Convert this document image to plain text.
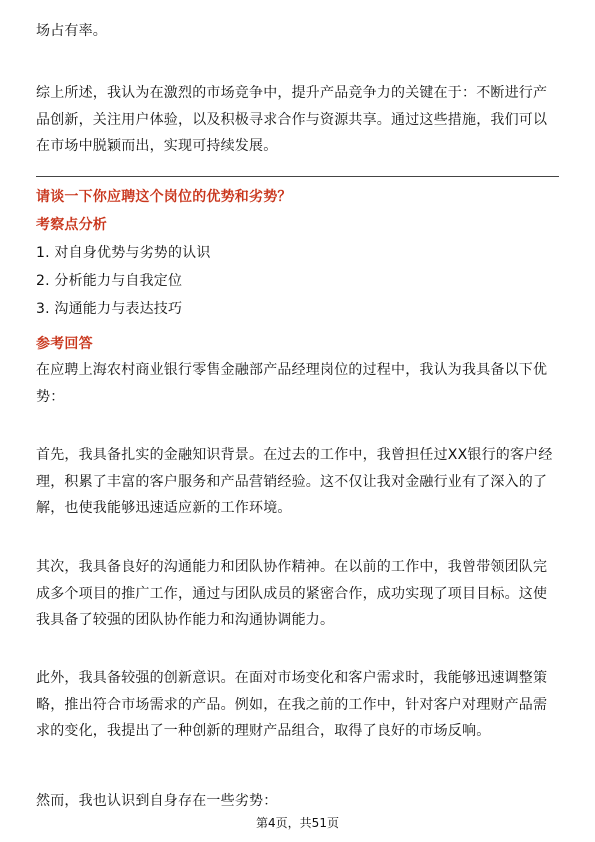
场占有率。

综上所述，我认为在激烈的市场竞争中，提升产品竞争力的关键在于：不断进行产品创新，关注用户体验，以及积极寻求合作与资源共享。通过这些措施，我们可以在市场中脱颖而出，实现可持续发展。

请谈一下你应聘这个岗位的优势和劣势？

考察点分析

1. 对自身优势与劣势的认识

2. 分析能力与自我定位

3. 沟通能力与表达技巧

参考回答

在应聘上海农村商业银行零售金融部产品经理岗位的过程中，我认为我具备以下优势：

首先，我具备扎实的金融知识背景。在过去的工作中，我曾担任过XX银行的客户经理，积累了丰富的客户服务和产品营销经验。这不仅让我对金融行业有了深入的了解，也使我能够迅速适应新的工作环境。

其次，我具备良好的沟通能力和团队协作精神。在以前的工作中，我曾带领团队完成多个项目的推广工作，通过与团队成员的紧密合作，成功实现了项目目标。这使我具备了较强的团队协作能力和沟通协调能力。

此外，我具备较强的创新意识。在面对市场变化和客户需求时，我能够迅速调整策略，推出符合市场需求的产品。例如，在我之前的工作中，针对客户对理财产品需求的变化，我提出了一种创新的理财产品组合，取得了良好的市场反响。

然而，我也认识到自身存在一些劣势：

第4页，共51页
